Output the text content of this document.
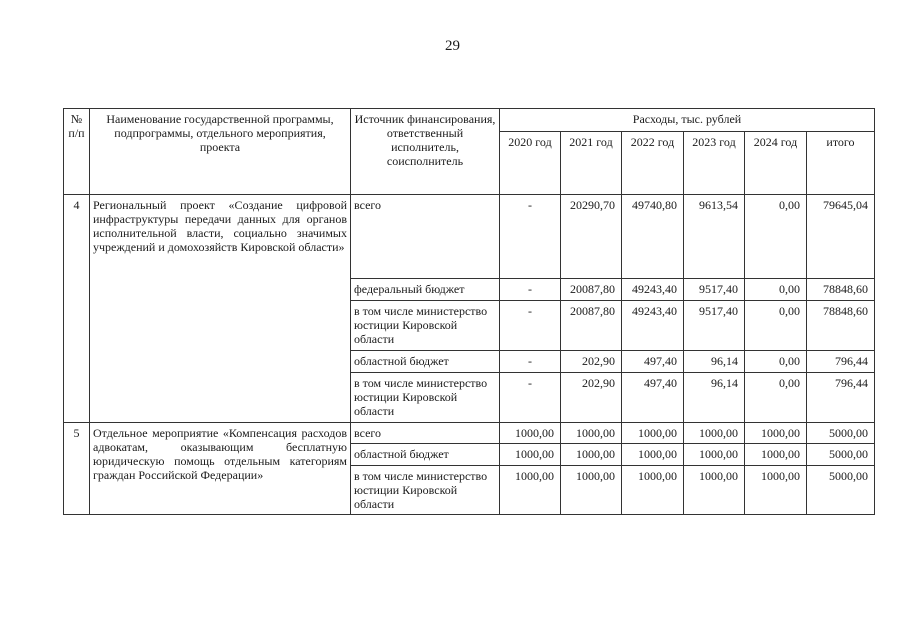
29
№ п/п	Наименование государственной программы, подпрограммы, отдельного мероприятия, проекта	Источник финансирования, ответственный исполнитель, соисполнитель	Расходы, тыс. рублей					
			2020 год	2021 год	2022 год	2023 год	2024 год	итого
4	Региональный проект «Создание цифровой инфраструктуры передачи данных для органов исполнительной власти, социально значимых учреждений и домохозяйств Кировской области»	всего	-	20290,70	49740,80	9613,54	0,00	79645,04
		федеральный бюджет	-	20087,80	49243,40	9517,40	0,00	78848,60
		в том числе министерство юстиции Кировской области	-	20087,80	49243,40	9517,40	0,00	78848,60
		областной бюджет	-	202,90	497,40	96,14	0,00	796,44
		в том числе министерство юстиции Кировской области	-	202,90	497,40	96,14	0,00	796,44
5	Отдельное мероприятие «Компенсация расходов адвокатам, оказывающим бесплатную юридическую помощь отдельным категориям граждан Российской Федерации»	всего	1000,00	1000,00	1000,00	1000,00	1000,00	5000,00
		областной бюджет	1000,00	1000,00	1000,00	1000,00	1000,00	5000,00
		в том числе министерство юстиции Кировской области	1000,00	1000,00	1000,00	1000,00	1000,00	5000,00
